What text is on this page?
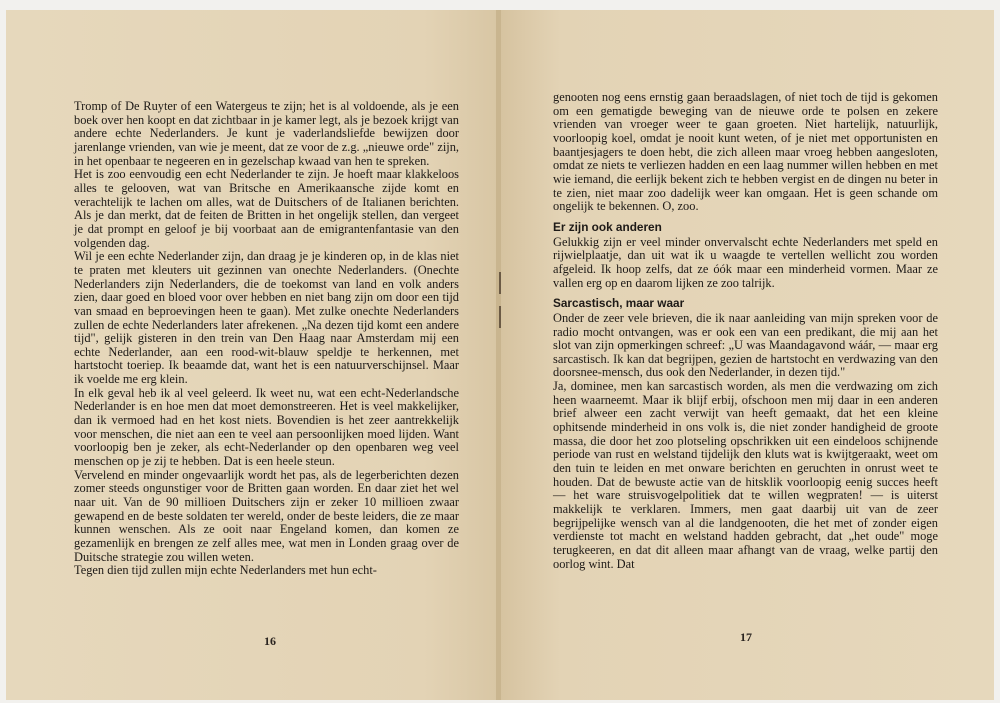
Tromp of De Ruyter of een Watergeus te zijn; het is al voldoende, als je een boek over hen koopt en dat zichtbaar in je kamer legt, als je bezoek krijgt van andere echte Nederlanders. Je kunt je vaderlandsliefde bewijzen door jarenlange vrienden, van wie je meent, dat ze voor de z.g. „nieuwe orde" zijn, in het openbaar te negeeren en in gezelschap kwaad van hen te spreken.

Het is zoo eenvoudig een echt Nederlander te zijn. Je hoeft maar klakkeloos alles te gelooven, wat van Britsche en Amerikaansche zijde komt en verachtelijk te lachen om alles, wat de Duitschers of de Italianen berichten. Als je dan merkt, dat de feiten de Britten in het ongelijk stellen, dan vergeet je dat prompt en geloof je bij voorbaat aan de emigrantenfantasie van den volgenden dag.

Wil je een echte Nederlander zijn, dan draag je je kinderen op, in de klas niet te praten met kleuters uit gezinnen van onechte Nederlanders. (Onechte Nederlanders zijn Nederlanders, die de toekomst van land en volk anders zien, daar goed en bloed voor over hebben en niet bang zijn om door een tijd van smaad en beproevingen heen te gaan). Met zulke onechte Nederlanders zullen de echte Nederlanders later afrekenen. „Na dezen tijd komt een andere tijd", gelijk gisteren in den trein van Den Haag naar Amsterdam mij een echte Nederlander, aan een rood-wit-blauw speldje te herkennen, met hartstocht toeriep. Ik beaamde dat, want het is een natuurverschijnsel. Maar ik voelde me erg klein.

In elk geval heb ik al veel geleerd. Ik weet nu, wat een echt-Nederlandsche Nederlander is en hoe men dat moet demonstreeren. Het is veel makkelijker, dan ik vermoed had en het kost niets. Bovendien is het zeer aantrekkelijk voor menschen, die niet aan een te veel aan persoonlijken moed lijden. Want voorloopig ben je zeker, als echt-Nederlander op den openbaren weg veel menschen op je zij te hebben. Dat is een heele steun.

Vervelend en minder ongevaarlijk wordt het pas, als de legerberichten dezen zomer steeds ongunstiger voor de Britten gaan worden. En daar ziet het wel naar uit. Van de 90 millioen Duitschers zijn er zeker 10 millioen zwaar gewapend en de beste soldaten ter wereld, onder de beste leiders, die ze maar kunnen wenschen. Als ze ooit naar Engeland komen, dan komen ze gezamenlijk en brengen ze zelf alles mee, wat men in Londen graag over de Duitsche strategie zou willen weten.

Tegen dien tijd zullen mijn echte Nederlanders met hun echt-

16

genooten nog eens ernstig gaan beraadslagen, of niet toch de tijd is gekomen om een gematigde beweging van de nieuwe orde te polsen en zekere vrienden van vroeger weer te gaan groeten. Niet hartelijk, natuurlijk, voorloopig koel, omdat je nooit kunt weten, of je niet met opportunisten en baantjesjagers te doen hebt, die zich alleen maar vroeg hebben aangesloten, omdat ze niets te verliezen hadden en een laag nummer willen hebben en met wie iemand, die eerlijk bekent zich te hebben vergist en de dingen nu beter in te zien, niet maar zoo dadelijk weer kan omgaan. Het is geen schande om ongelijk te bekennen. O, zoo.

Er zijn ook anderen

Gelukkig zijn er veel minder onvervalscht echte Nederlanders met speld en rijwielplaatje, dan uit wat ik u waagde te vertellen wellicht zou worden afgeleid. Ik hoop zelfs, dat ze óók maar een minderheid vormen. Maar ze vallen erg op en daarom lijken ze zoo talrijk.

Sarcastisch, maar waar

Onder de zeer vele brieven, die ik naar aanleiding van mijn spreken voor de radio mocht ontvangen, was er ook een van een predikant, die mij aan het slot van zijn opmerkingen schreef: „U was Maandagavond wáár, — maar erg sarcastisch. Ik kan dat begrijpen, gezien de hartstocht en verdwazing van den doorsnee-mensch, dus ook den Nederlander, in dezen tijd."

Ja, dominee, men kan sarcastisch worden, als men die verdwazing om zich heen waarneemt. Maar ik blijf erbij, ofschoon men mij daar in een anderen brief alweer een zacht verwijt van heeft gemaakt, dat het een kleine ophitsende minderheid in ons volk is, die niet zonder handigheid de groote massa, die door het zoo plotseling opschrikken uit een eindeloos schijnende periode van rust en welstand tijdelijk den kluts wat is kwijtgeraakt, weet om den tuin te leiden en met onware berichten en geruchten in onrust weet te houden. Dat de bewuste actie van de hitsklik voorloopig eenig succes heeft — het ware struisvogelpolitiek dat te willen wegpraten! — is uiterst makkelijk te verklaren. Immers, men gaat daarbij uit van de zeer begrijpelijke wensch van al die landgenooten, die het met of zonder eigen verdienste tot macht en welstand hadden gebracht, dat „het oude" moge terugkeeren, en dat dit alleen maar afhangt van de vraag, welke partij den oorlog wint. Dat

17
